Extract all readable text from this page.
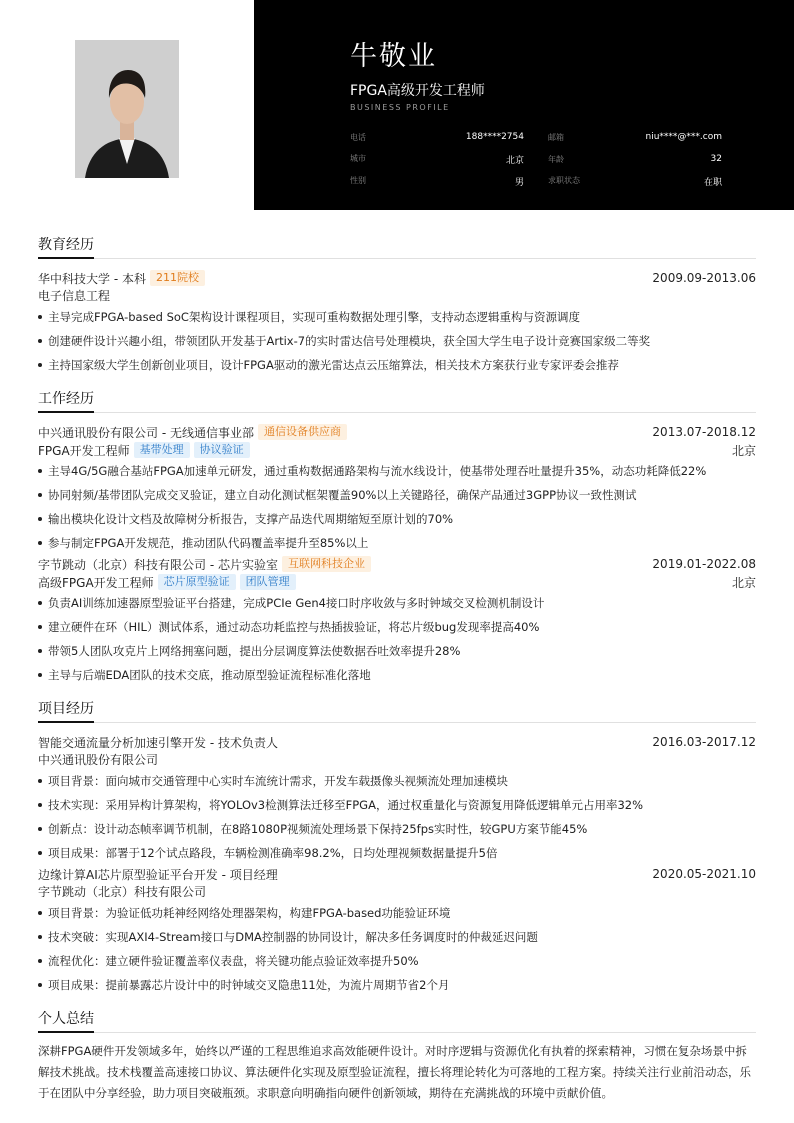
牛敬业
FPGA高级开发工程师
BUSINESS PROFILE
电话	188****2754	邮箱	niu****@***.com
城市	北京	年龄	32
性别	男	求职状态	在职
教育经历
华中科技大学 - 本科 211院校	2009.09-2013.06
电子信息工程
主导完成FPGA-based SoC架构设计课程项目，实现可重构数据处理引擎，支持动态逻辑重构与资源调度
创建硬件设计兴趣小组，带领团队开发基于Artix-7的实时雷达信号处理模块，获全国大学生电子设计竞赛国家级二等奖
主持国家级大学生创新创业项目，设计FPGA驱动的激光雷达点云压缩算法，相关技术方案获行业专家评委会推荐
工作经历
中兴通讯股份有限公司 - 无线通信事业部 通信设备供应商	2013.07-2018.12
FPGA开发工程师 基带处理	协议验证	北京
主导4G/5G融合基站FPGA加速单元研发，通过重构数据通路架构与流水线设计，使基带处理吞吐量提升35%，动态功耗降低22%
协同射频/基带团队完成交叉验证，建立自动化测试框架覆盖90%以上关键路径，确保产品通过3GPP协议一致性测试
输出模块化设计文档及故障树分析报告，支撑产品迭代周期缩短至原计划的70%
参与制定FPGA开发规范，推动团队代码覆盖率提升至85%以上
字节跳动（北京）科技有限公司 - 芯片实验室 互联网科技企业	2019.01-2022.08
高级FPGA开发工程师 芯片原型验证	团队管理	北京
负责AI训练加速器原型验证平台搭建，完成PCIe Gen4接口时序收敛与多时钟域交叉检测机制设计
建立硬件在环（HIL）测试体系，通过动态功耗监控与热插拔验证，将芯片级bug发现率提高40%
带领5人团队攻克片上网络拥塞问题，提出分层调度算法使数据吞吐效率提升28%
主导与后端EDA团队的技术交底，推动原型验证流程标准化落地
项目经历
智能交通流量分析加速引擎开发 - 技术负责人	2016.03-2017.12
中兴通讯股份有限公司
项目背景：面向城市交通管理中心实时车流统计需求，开发车载摄像头视频流处理加速模块
技术实现：采用异构计算架构，将YOLOv3检测算法迁移至FPGA，通过权重量化与资源复用降低逻辑单元占用率32%
创新点：设计动态帧率调节机制，在8路1080P视频流处理场景下保持25fps实时性，较GPU方案节能45%
项目成果：部署于12个试点路段，车辆检测准确率98.2%，日均处理视频数据量提升5倍
边缘计算AI芯片原型验证平台开发 - 项目经理	2020.05-2021.10
字节跳动（北京）科技有限公司
项目背景：为验证低功耗神经网络处理器架构，构建FPGA-based功能验证环境
技术突破：实现AXI4-Stream接口与DMA控制器的协同设计，解决多任务调度时的仲裁延迟问题
流程优化：建立硬件验证覆盖率仪表盘，将关键功能点验证效率提升50%
项目成果：提前暴露芯片设计中的时钟域交叉隐患11处，为流片周期节省2个月
个人总结
深耕FPGA硬件开发领域多年，始终以严谨的工程思维追求高效能硬件设计。对时序逻辑与资源优化有执着的探索精神，习惯在复杂场景中拆解技术挑战。技术栈覆盖高速接口协议、算法硬件化实现及原型验证流程，擅长将理论转化为可落地的工程方案。持续关注行业前沿动态，乐于在团队中分享经验，助力项目突破瓶颈。求职意向明确指向硬件创新领域，期待在充满挑战的环境中贡献价值。
